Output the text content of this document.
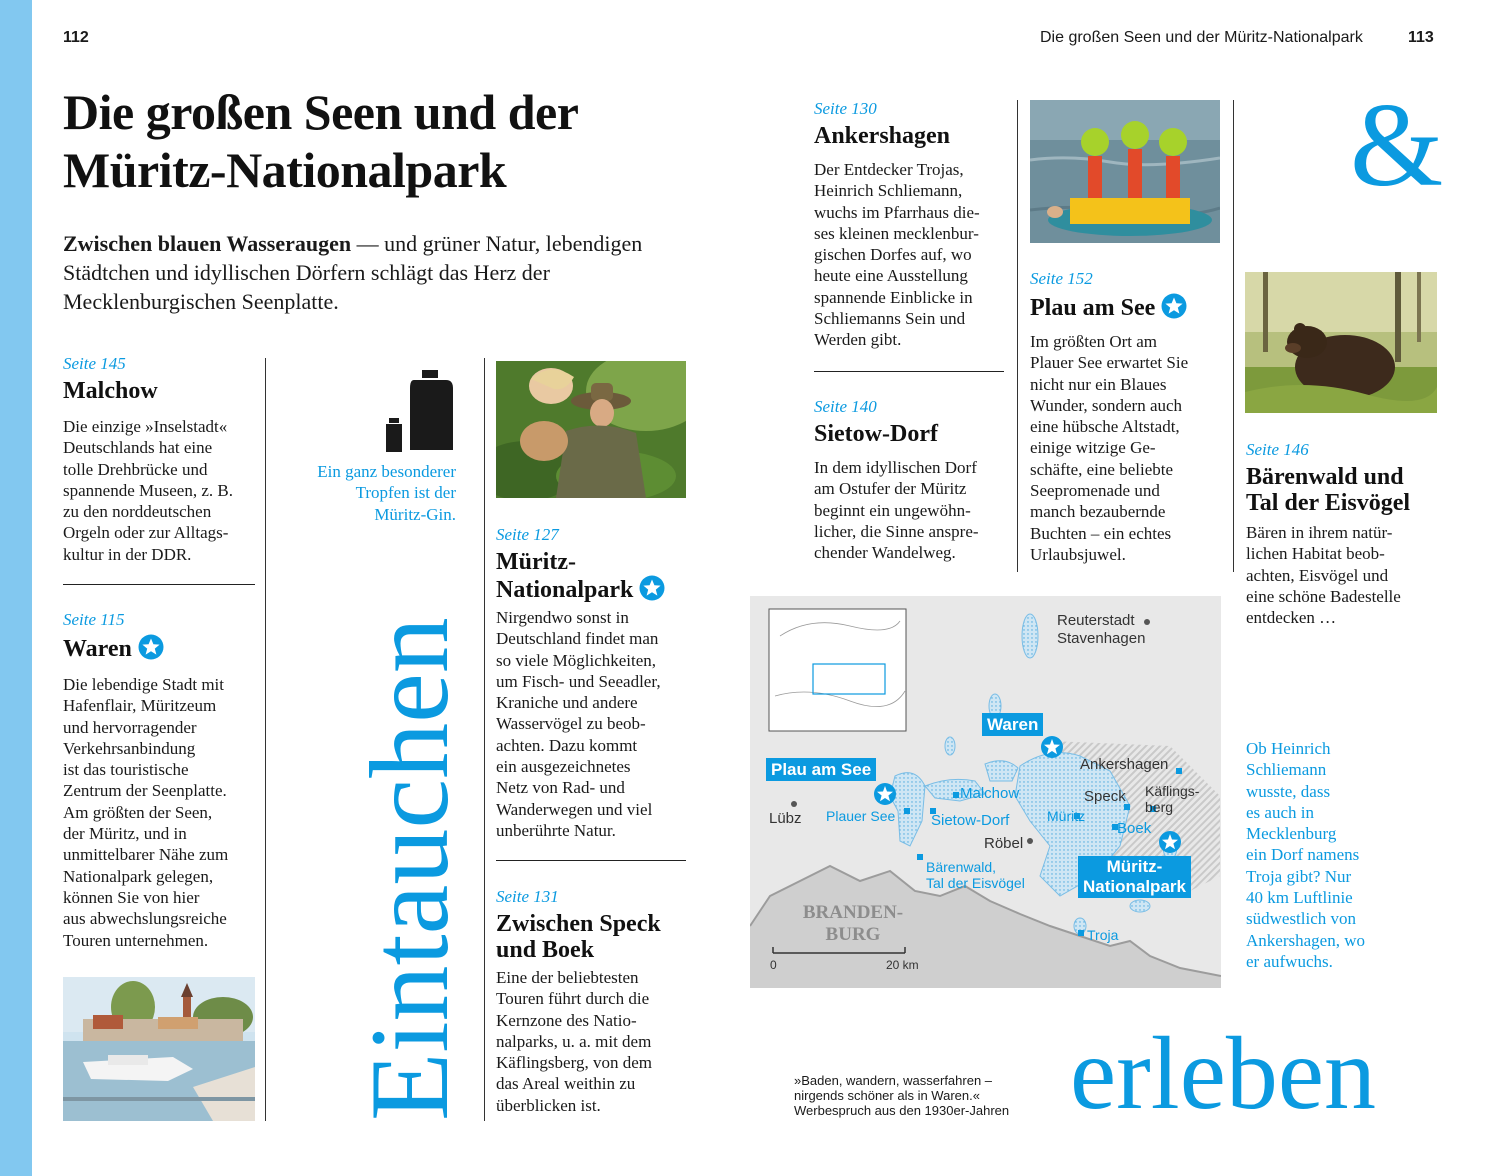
112	Die großen Seen und der Müritz-Nationalpark	113
Die großen Seen und der
Müritz-Nationalpark
Zwischen blauen Wasseraugen — und grüner Natur, lebendigen Städtchen und idyllischen Dörfern schlägt das Herz der Mecklenburgischen Seenplatte.
Seite 145
Malchow
Die einzige »Inselstadt«
Deutschlands hat eine
tolle Drehbrücke und
spannende Museen, z. B.
zu den norddeutschen
Orgeln oder zur Alltags-
kultur in der DDR.
Seite 115
Waren
Die lebendige Stadt mit
Hafenflair, Müritzeum
und hervorragender
Verkehrsanbindung
ist das touristische
Zentrum der Seenplatte.
Am größten der Seen,
der Müritz, und in
unmittelbarer Nähe zum
Nationalpark gelegen,
können Sie von hier
aus abwechslungsreiche
Touren unternehmen.
Ein ganz besonderer
Tropfen ist der
Müritz-Gin.
Eintauchen
Seite 127
Müritz-
Nationalpark
Nirgendwo sonst in
Deutschland findet man
so viele Möglichkeiten,
um Fisch- und Seeadler,
Kraniche und andere
Wasservögel zu beob-
achten. Dazu kommt
ein ausgezeichnetes
Netz von Rad- und
Wanderwegen und viel
unberührte Natur.
Seite 131
Zwischen Speck
und Boek
Eine der beliebtesten
Touren führt durch die
Kernzone des Natio-
nalparks, u. a. mit dem
Käflingsberg, von dem
das Areal weithin zu
überblicken ist.
Seite 130
Ankershagen
Der Entdecker Trojas,
Heinrich Schliemann,
wuchs im Pfarrhaus die-
ses kleinen mecklenbur-
gischen Dorfes auf, wo
heute eine Ausstellung
spannende Einblicke in
Schliemanns Sein und
Werden gibt.
Seite 140
Sietow-Dorf
In dem idyllischen Dorf
am Ostufer der Müritz
beginnt ein ungewöhn-
licher, die Sinne anspre-
chender Wandelweg.
Seite 152
Plau am See
Im größten Ort am
Plauer See erwartet Sie
nicht nur ein Blaues
Wunder, sondern auch
eine hübsche Altstadt,
einige witzige Ge-
schäfte, eine beliebte
Seepromenade und
manch bezaubernde
Buchten – ein echtes
Urlaubsjuwel.
&
Seite 146
Bärenwald und
Tal der Eisvögel
Bären in ihrem natür-
lichen Habitat beob-
achten, Eisvögel und
eine schöne Badestelle
entdecken …
Ob Heinrich
Schliemann
wusste, dass
es auch in
Mecklenburg
ein Dorf namens
Troja gibt? Nur
40 km Luftlinie
südwestlich von
Ankershagen, wo
er aufwuchs.
Reuterstadt
Stavenhagen
Waren
Plau am See	Ankershagen
Malchow	Speck Käflings-
berg
Lübz Plauer See Sietow-Dorf	Müritz
Boek
Röbel
Müritz-
Nationalpark
Bärenwald,
Tal der Eisvögel
BRANDEN-
BURG	Troja
0	20 km
»Baden, wandern, wasserfahren –
nirgends schöner als in Waren.«
Werbespruch aus den 1930er-Jahren erleben
